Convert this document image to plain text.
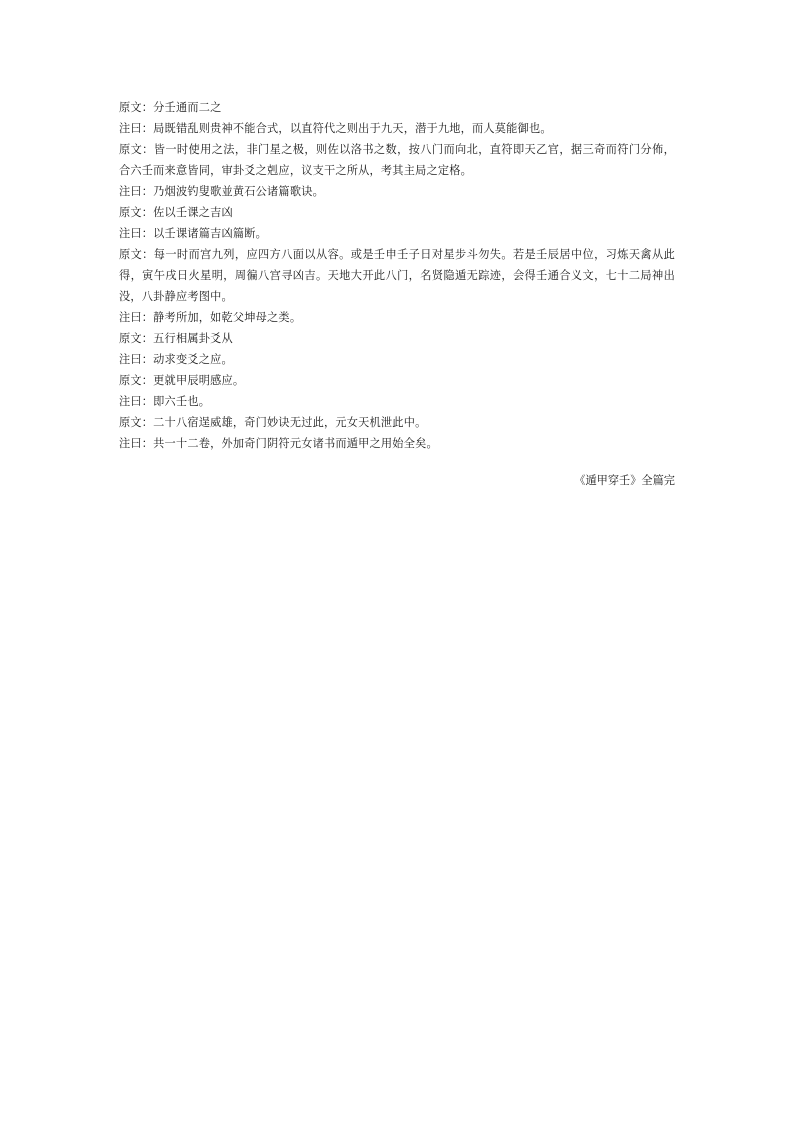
原文：分壬通而二之

注曰：局既错乱则贵神不能合式，以直符代之则出于九天，潜于九地，而人莫能御也。

原文：皆一时使用之法，非门星之极，则佐以洛书之数，按八门而向北，直符即天乙官，据三奇而符门分佈，合六壬而来意皆同，审卦爻之剋应，议支干之所从，考其主局之定格。

注曰：乃烟波钓叟歌並黄石公诸篇歌诀。

原文：佐以壬课之吉凶

注曰：以壬课诸篇吉凶篇断。

原文：每一时而宫九列，应四方八面以从容。或是壬申壬子日对星步斗勿失。若是壬辰居中位，习炼天禽从此得，寅午戌日火星明，周徧八宫寻凶吉。天地大开此八门，名贤隐遁无踪迹，会得壬通合义文，七十二局神出没，八卦静应考图中。

注曰：静考所加，如乾父坤母之类。

原文：五行相属卦爻从

注曰：动求变爻之应。

原文：更就甲辰明感应。

注曰：即六壬也。

原文：二十八宿逞威雄，奇门妙诀无过此，元女天机泄此中。

注曰：共一十二卷，外加奇门阴符元女诸书而遁甲之用始全矣。

《遁甲穿壬》全篇完
